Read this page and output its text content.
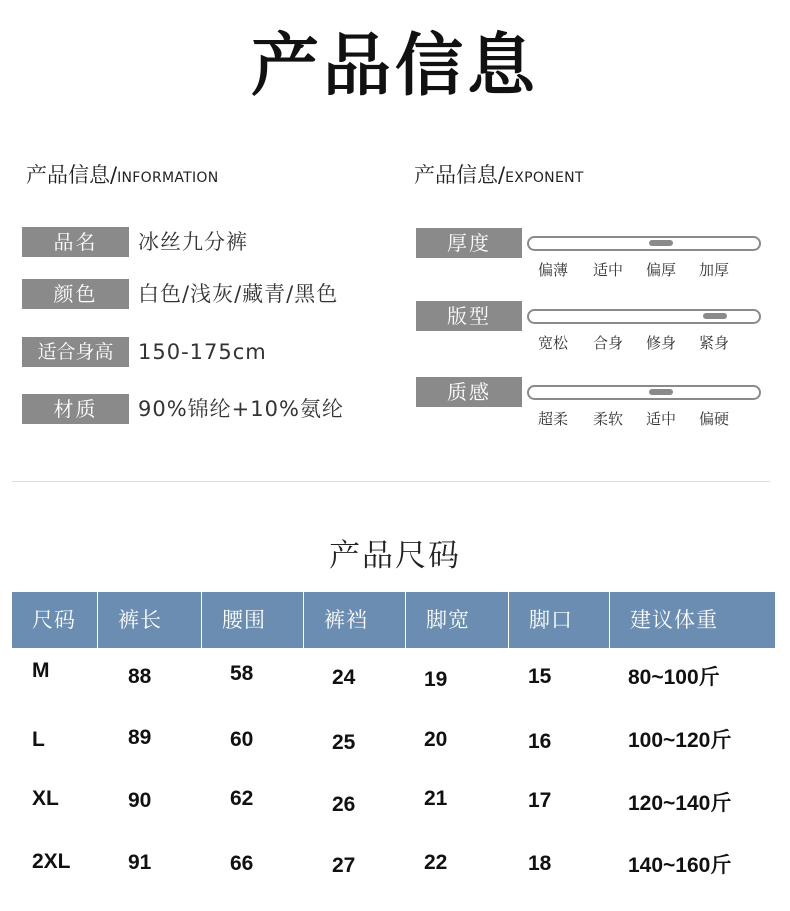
产品信息
产品信息/INFORMATION
品名	冰丝九分裤
颜色	白色/浅灰/藏青/黑色
适合身高	150-175cm
材质	90%锦纶+10%氨纶
产品信息/EXPONENT
厚度
偏薄 适中 偏厚 加厚
版型
宽松 合身 修身 紧身
质感
超柔 柔软 适中 偏硬
产品尺码
尺码	裤长	腰围	裤裆	脚宽	脚口	建议体重
M	88	58	24	19	15	80~100斤
L	89	60	25	20	16	100~120斤
XL	90	62	26	21	17	120~140斤
2XL	91	66	27	22	18	140~160斤
